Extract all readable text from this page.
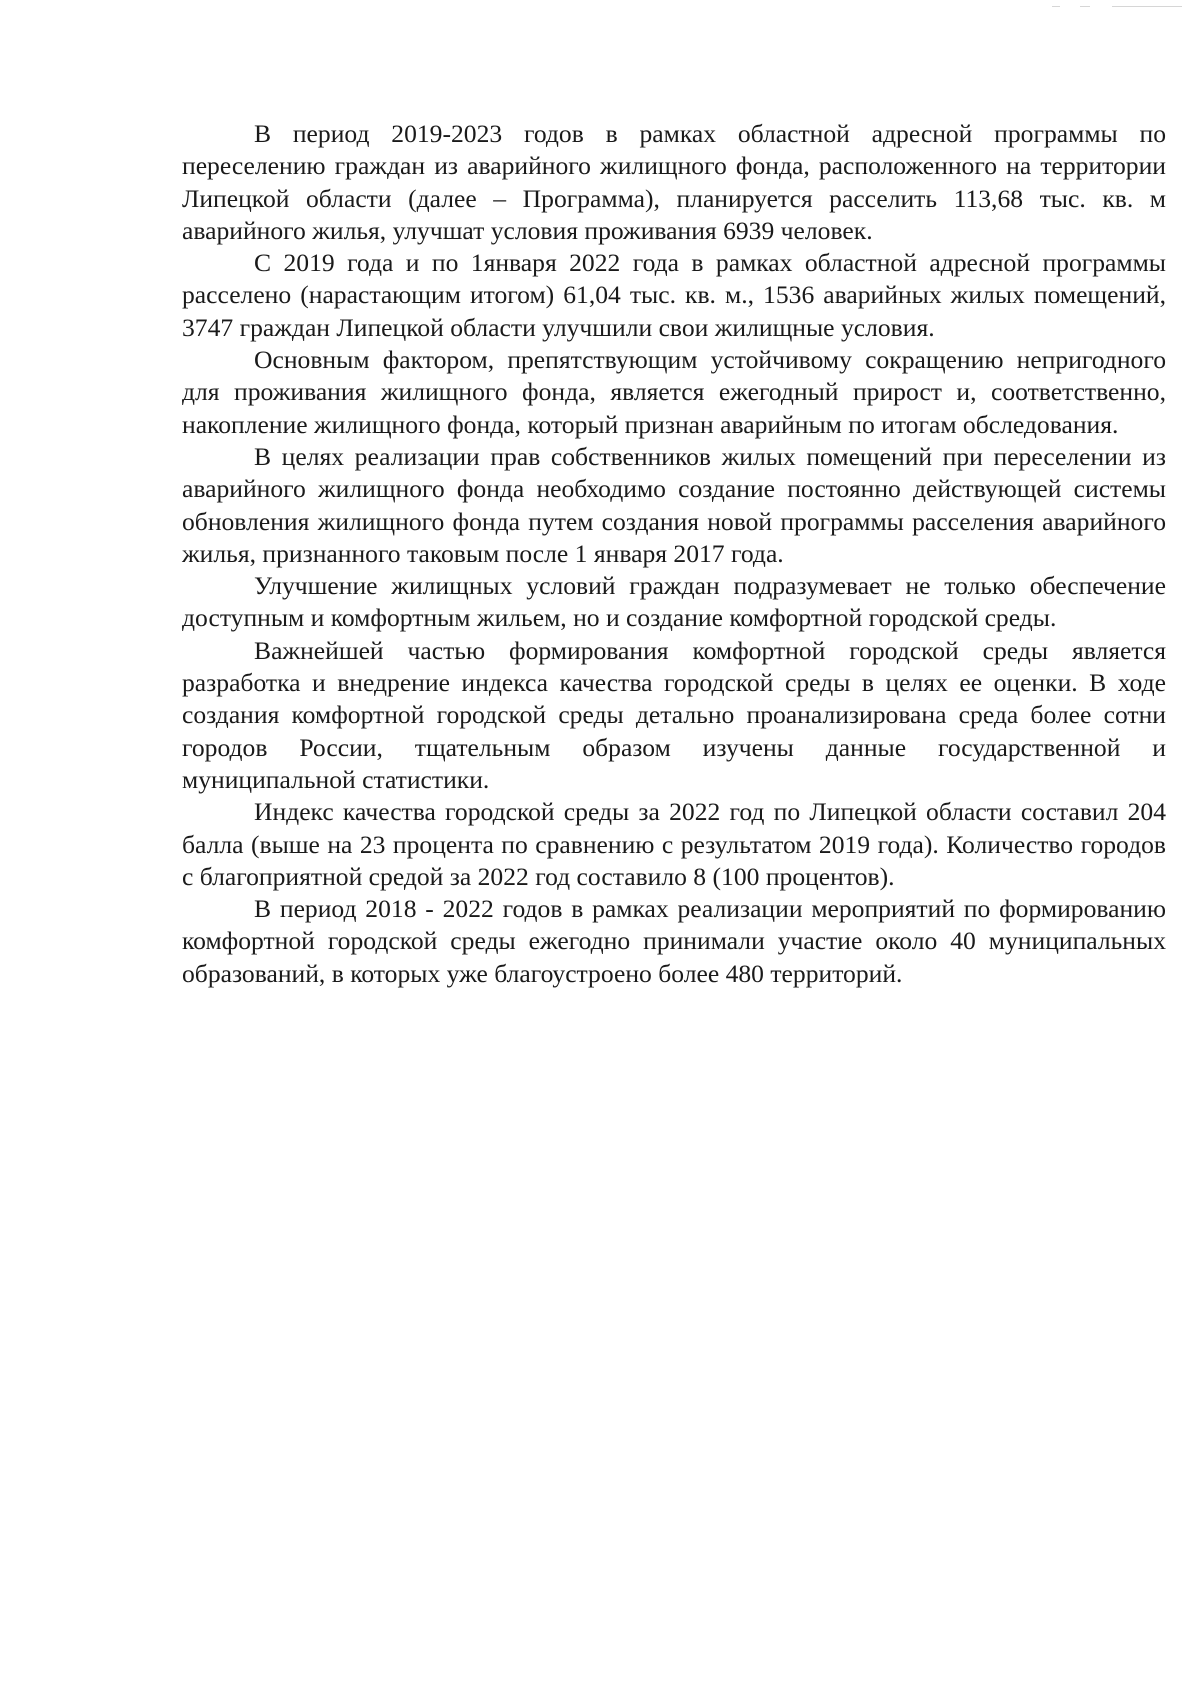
В период 2019-2023 годов в рамках областной адресной программы по переселению граждан из аварийного жилищного фонда, расположенного на территории Липецкой области (далее – Программа), планируется расселить 113,68 тыс. кв. м аварийного жилья, улучшат условия проживания 6939 человек.

С 2019 года и по 1января 2022 года в рамках областной адресной программы расселено (нарастающим итогом) 61,04 тыс. кв. м., 1536 аварийных жилых помещений, 3747 граждан Липецкой области улучшили свои жилищные условия.

Основным фактором, препятствующим устойчивому сокращению непригодного для проживания жилищного фонда, является ежегодный прирост и, соответственно, накопление жилищного фонда, который признан аварийным по итогам обследования.

В целях реализации прав собственников жилых помещений при переселении из аварийного жилищного фонда необходимо создание постоянно действующей системы обновления жилищного фонда путем создания новой программы расселения аварийного жилья, признанного таковым после 1 января 2017 года.

Улучшение жилищных условий граждан подразумевает не только обеспечение доступным и комфортным жильем, но и создание комфортной городской среды.

Важнейшей частью формирования комфортной городской среды является разработка и внедрение индекса качества городской среды в целях ее оценки. В ходе создания комфортной городской среды детально проанализирована среда более сотни городов России, тщательным образом изучены данные государственной и муниципальной статистики.

Индекс качества городской среды за 2022 год по Липецкой области составил 204 балла (выше на 23 процента по сравнению с результатом 2019 года). Количество городов с благоприятной средой за 2022 год составило 8 (100 процентов).

В период 2018 - 2022 годов в рамках реализации мероприятий по формированию комфортной городской среды ежегодно принимали участие около 40 муниципальных образований, в которых уже благоустроено более 480 территорий.
